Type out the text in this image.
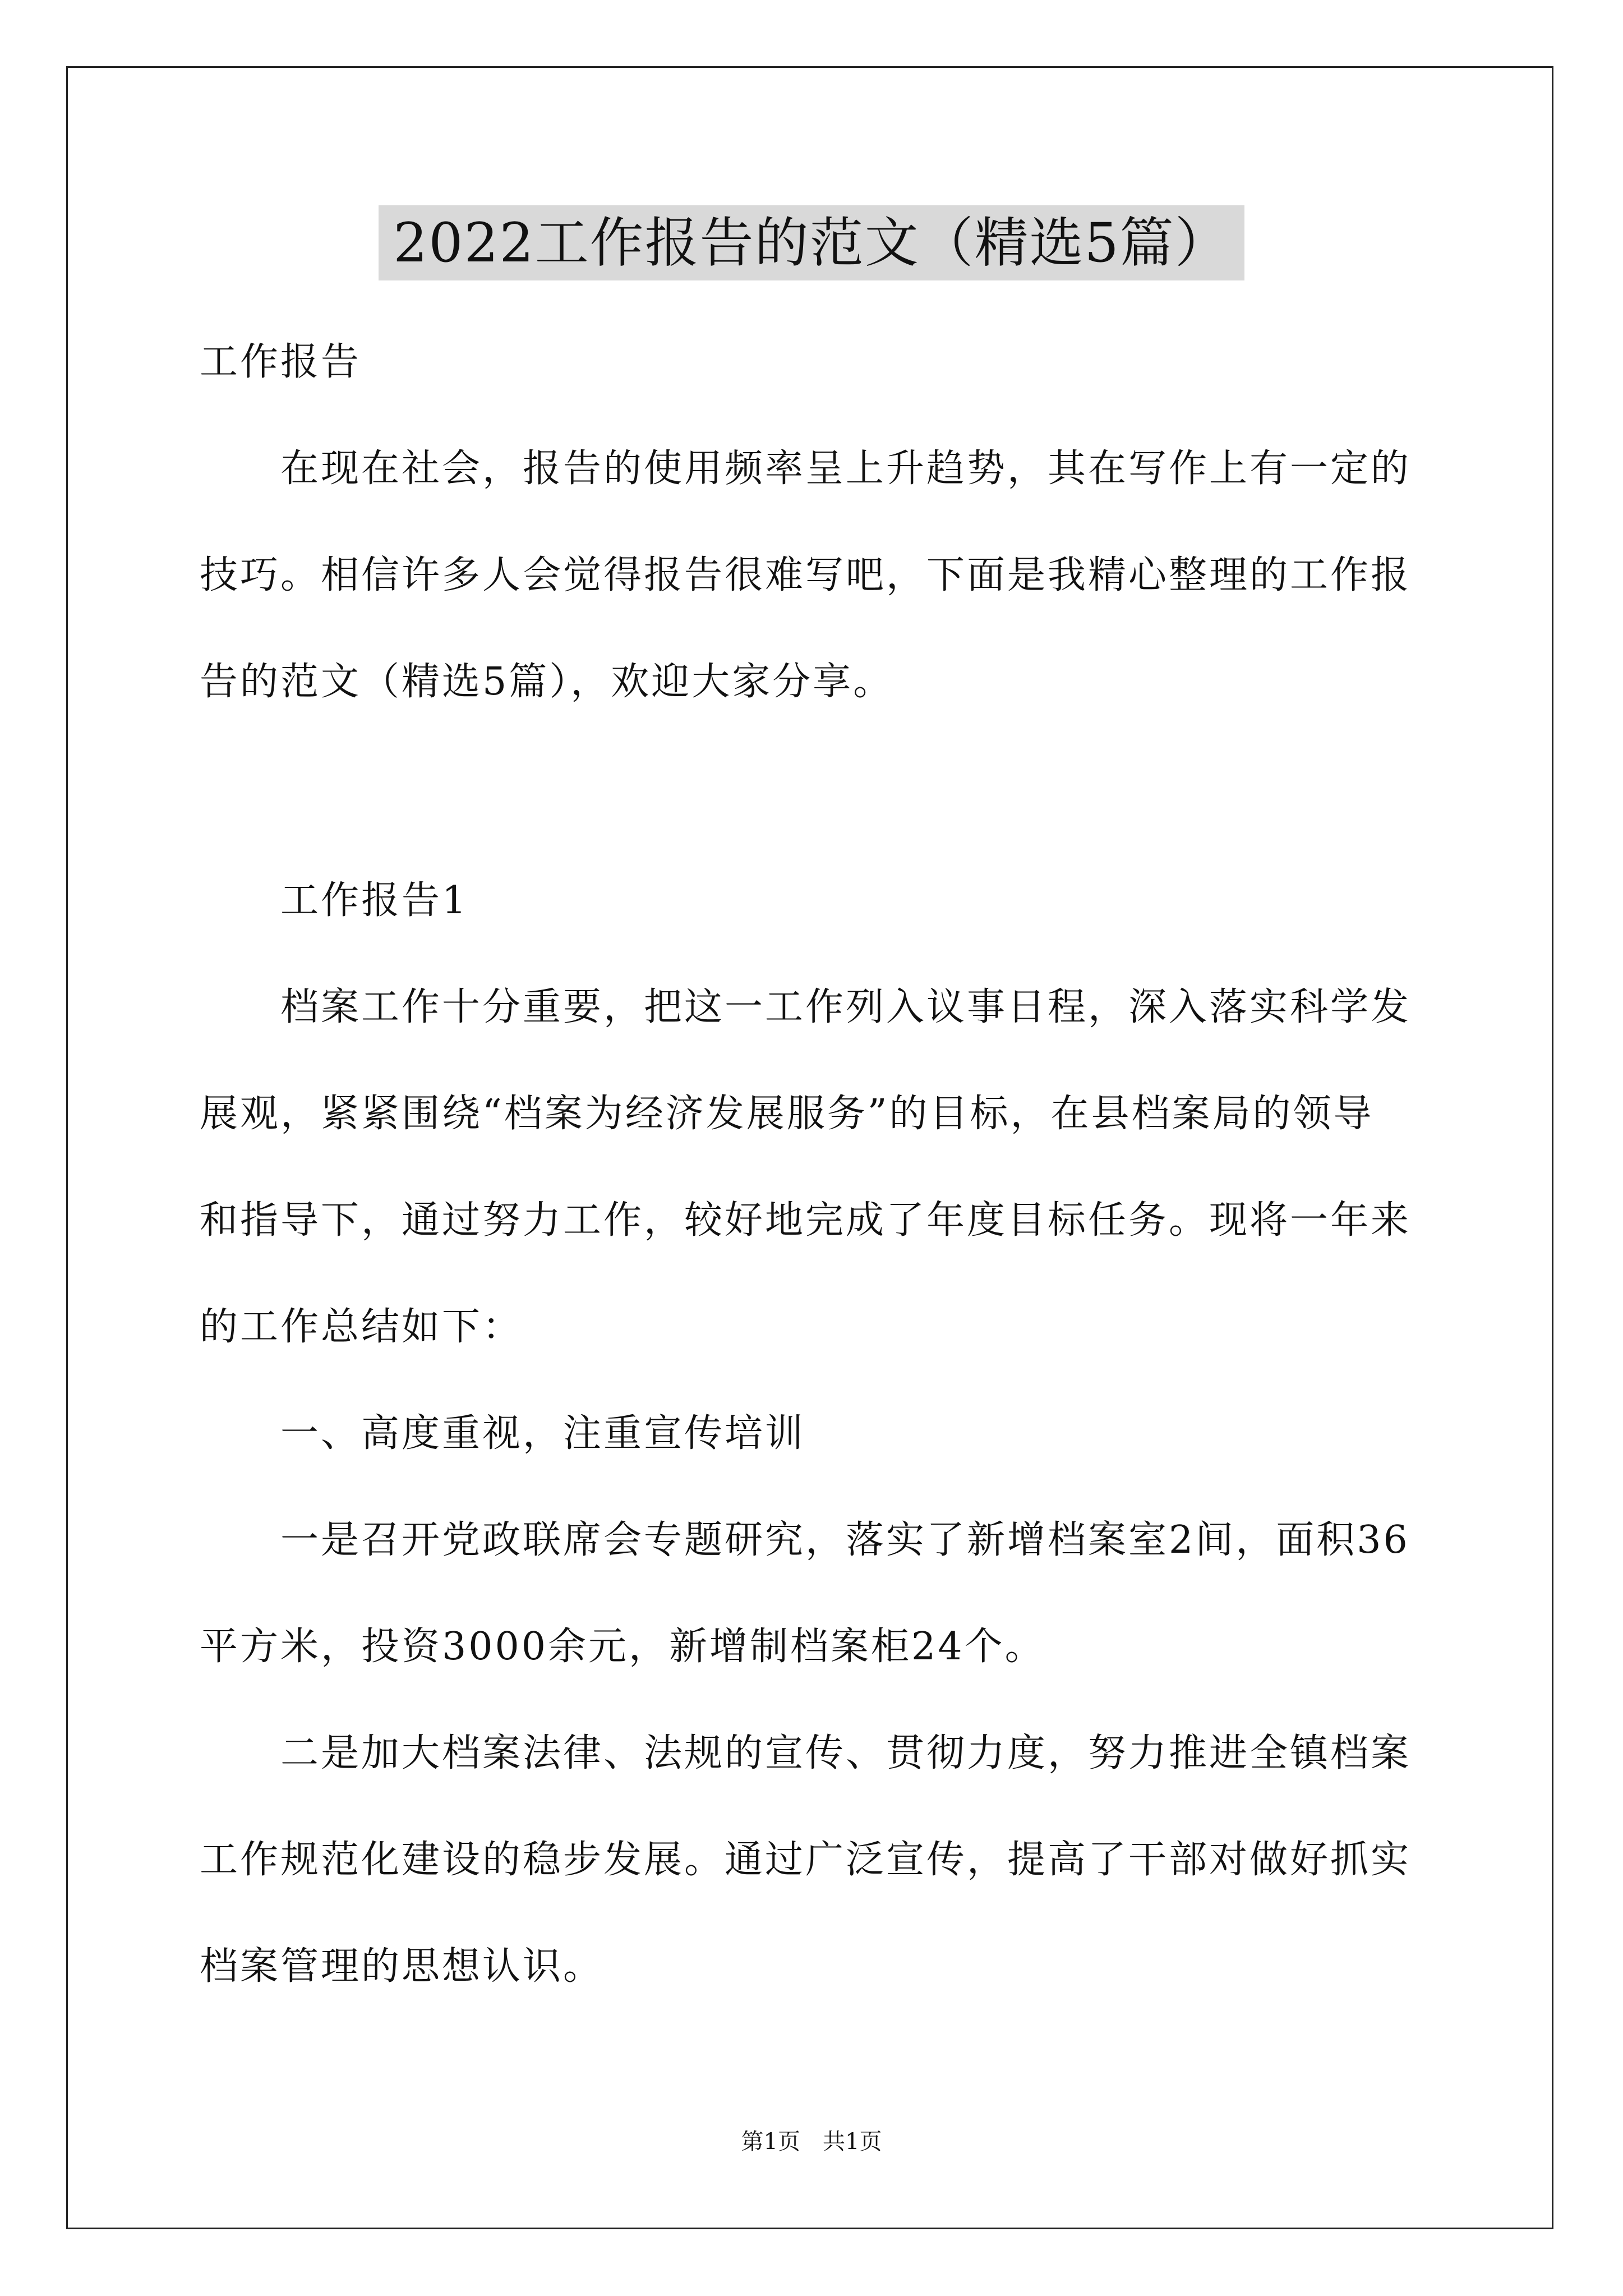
2022工作报告的范文（精选5篇）
工作报告
　　在现在社会，报告的使用频率呈上升趋势，其在写作上有一定的
技巧。相信许多人会觉得报告很难写吧，下面是我精心整理的工作报
告的范文（精选5篇），欢迎大家分享。
　　工作报告1
　　档案工作十分重要，把这一工作列入议事日程，深入落实科学发
展观，紧紧围绕“档案为经济发展服务”的目标，在县档案局的领导
和指导下，通过努力工作，较好地完成了年度目标任务。现将一年来
的工作总结如下：
　　一、高度重视，注重宣传培训
　　一是召开党政联席会专题研究，落实了新增档案室2间，面积36
平方米，投资3000余元，新增制档案柜24个。
　　二是加大档案法律、法规的宣传、贯彻力度，努力推进全镇档案
工作规范化建设的稳步发展。通过广泛宣传，提高了干部对做好抓实
档案管理的思想认识。
第1页 共1页
